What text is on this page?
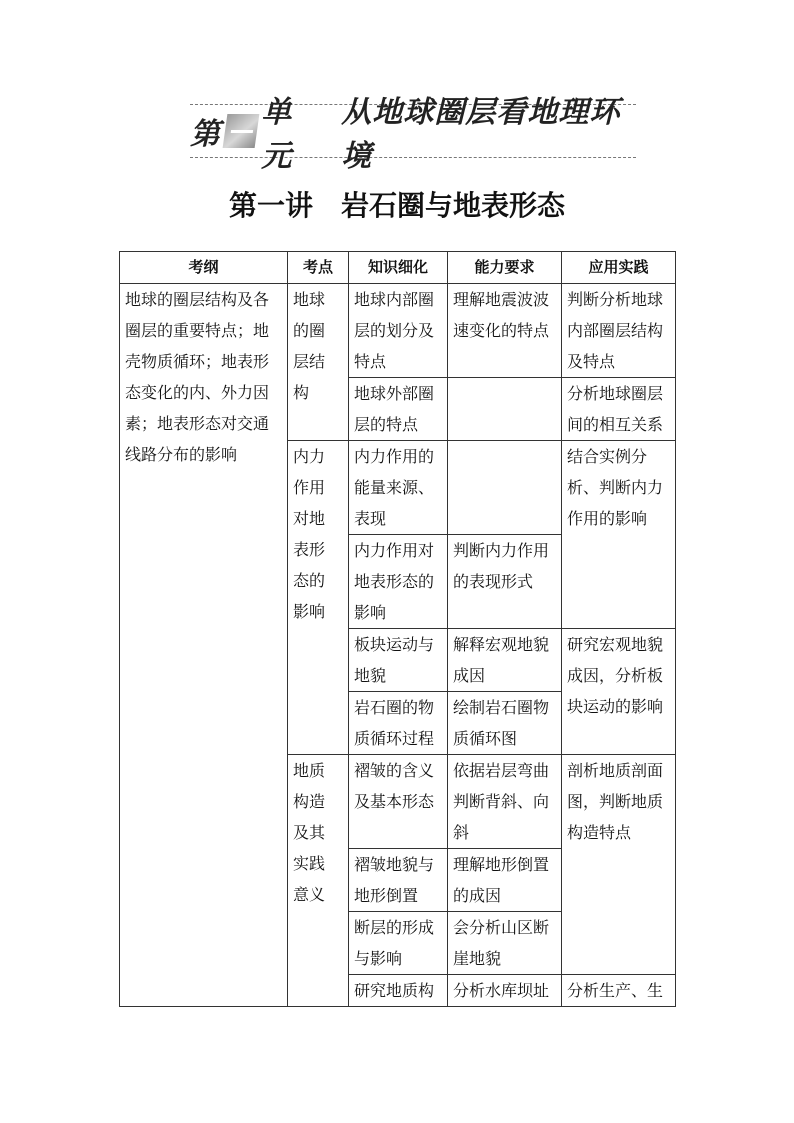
第
单元
从地球圈层看地理环境
第一讲　岩石圈与地表形态
考纲	考点	知识细化	能力要求	应用实践
地球的圈层结构及各圈层的重要特点；地壳物质循环；地表形态变化的内、外力因素；地表形态对交通线路分布的影响	地球的圈层结构	地球内部圈层的划分及特点	理解地震波波速变化的特点	判断分析地球内部圈层结构及特点
		地球外部圈层的特点		分析地球圈层间的相互关系

	内力作用对地表形态的影响	内力作用的能量来源、表现		结合实例分析、判断内力作用的影响
		内力作用对地表形态的影响	判断内力作用的表现形式	
		板块运动与地貌	解释宏观地貌成因	研究宏观地貌成因，分析板块运动的影响
		岩石圈的物质循环过程	绘制岩石圈物质循环图	

	地质构造及其实践意义	褶皱的含义及基本形态	依据岩层弯曲判断背斜、向斜	剖析地质剖面图，判断地质构造特点
		褶皱地貌与地形倒置	理解地形倒置的成因	
		断层的形成与影响	会分析山区断崖地貌	
		研究地质构	分析水库坝址	分析生产、生
